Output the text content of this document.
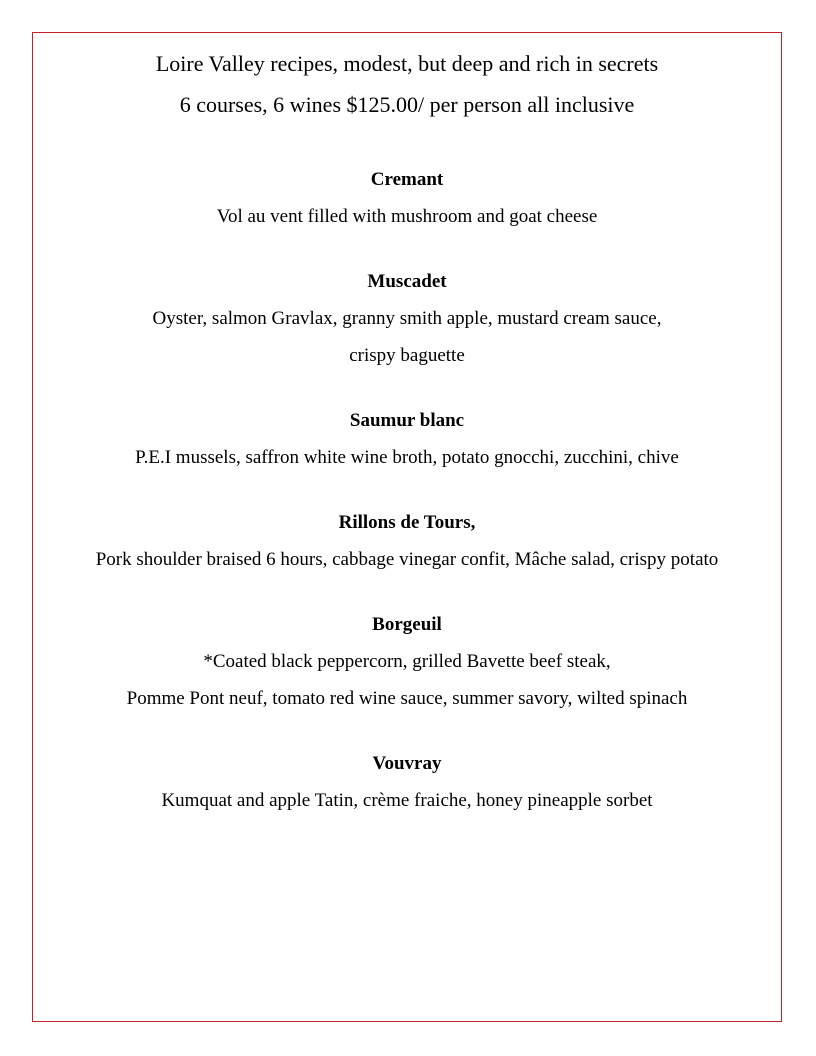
Loire Valley recipes, modest, but deep and rich in secrets

6 courses, 6 wines $125.00/ per person all inclusive

Cremant

Vol au vent filled with mushroom and goat cheese

Muscadet

Oyster, salmon Gravlax, granny smith apple, mustard cream sauce,

crispy baguette

Saumur blanc

P.E.I mussels, saffron white wine broth, potato gnocchi, zucchini, chive

Rillons de Tours,

Pork shoulder braised 6 hours, cabbage vinegar confit, Mâche salad, crispy potato

Borgeuil

*Coated black peppercorn, grilled Bavette beef steak,

Pomme Pont neuf, tomato red wine sauce, summer savory, wilted spinach

Vouvray

Kumquat and apple Tatin, crème fraiche, honey pineapple sorbet
